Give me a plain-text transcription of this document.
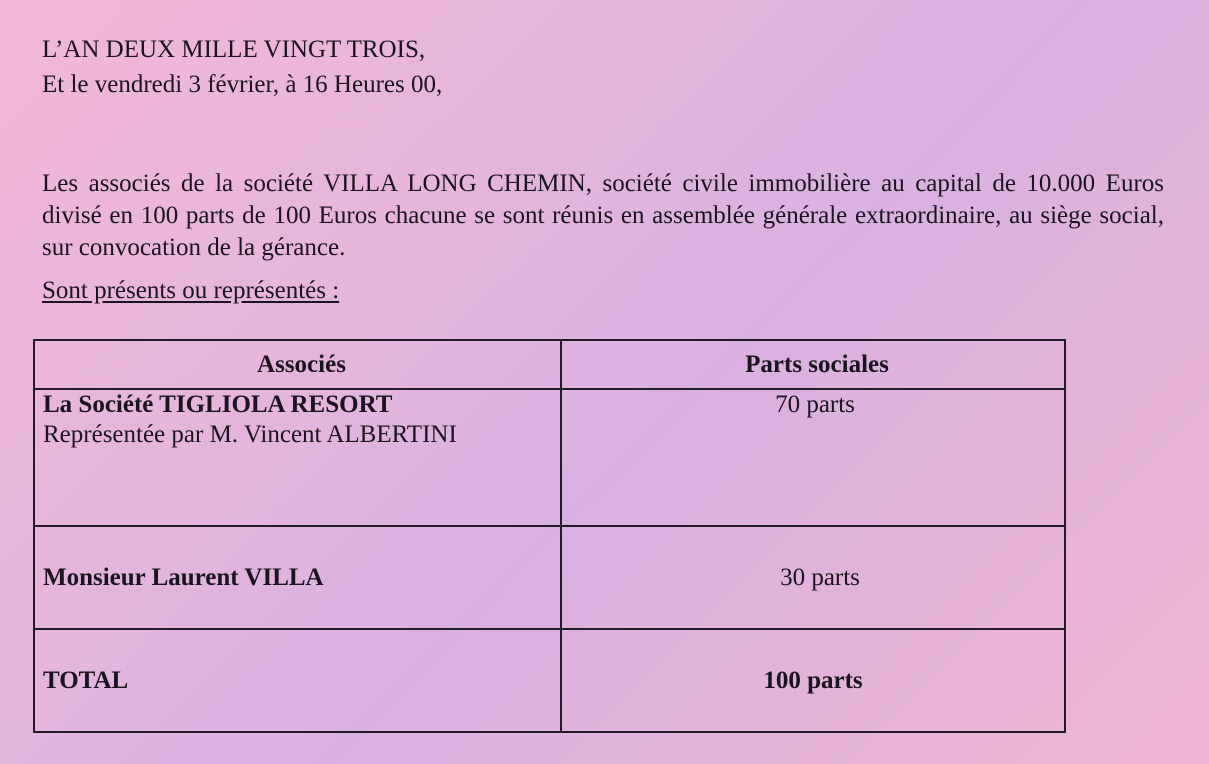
L’AN DEUX MILLE VINGT TROIS,
Et le vendredi 3 février, à 16 Heures 00,

Les associés de la société VILLA LONG CHEMIN, société civile immobilière au capital de 10.000 Euros divisé en 100 parts de 100 Euros chacune se sont réunis en assemblée générale extraordinaire, au siège social, sur convocation de la gérance.

Sont présents ou représentés :
Associés	Parts sociales

La Société TIGLIOLA RESORT
Représentée par M. Vincent ALBERTINI	70 parts
Monsieur Laurent VILLA	30 parts
TOTAL	100 parts
